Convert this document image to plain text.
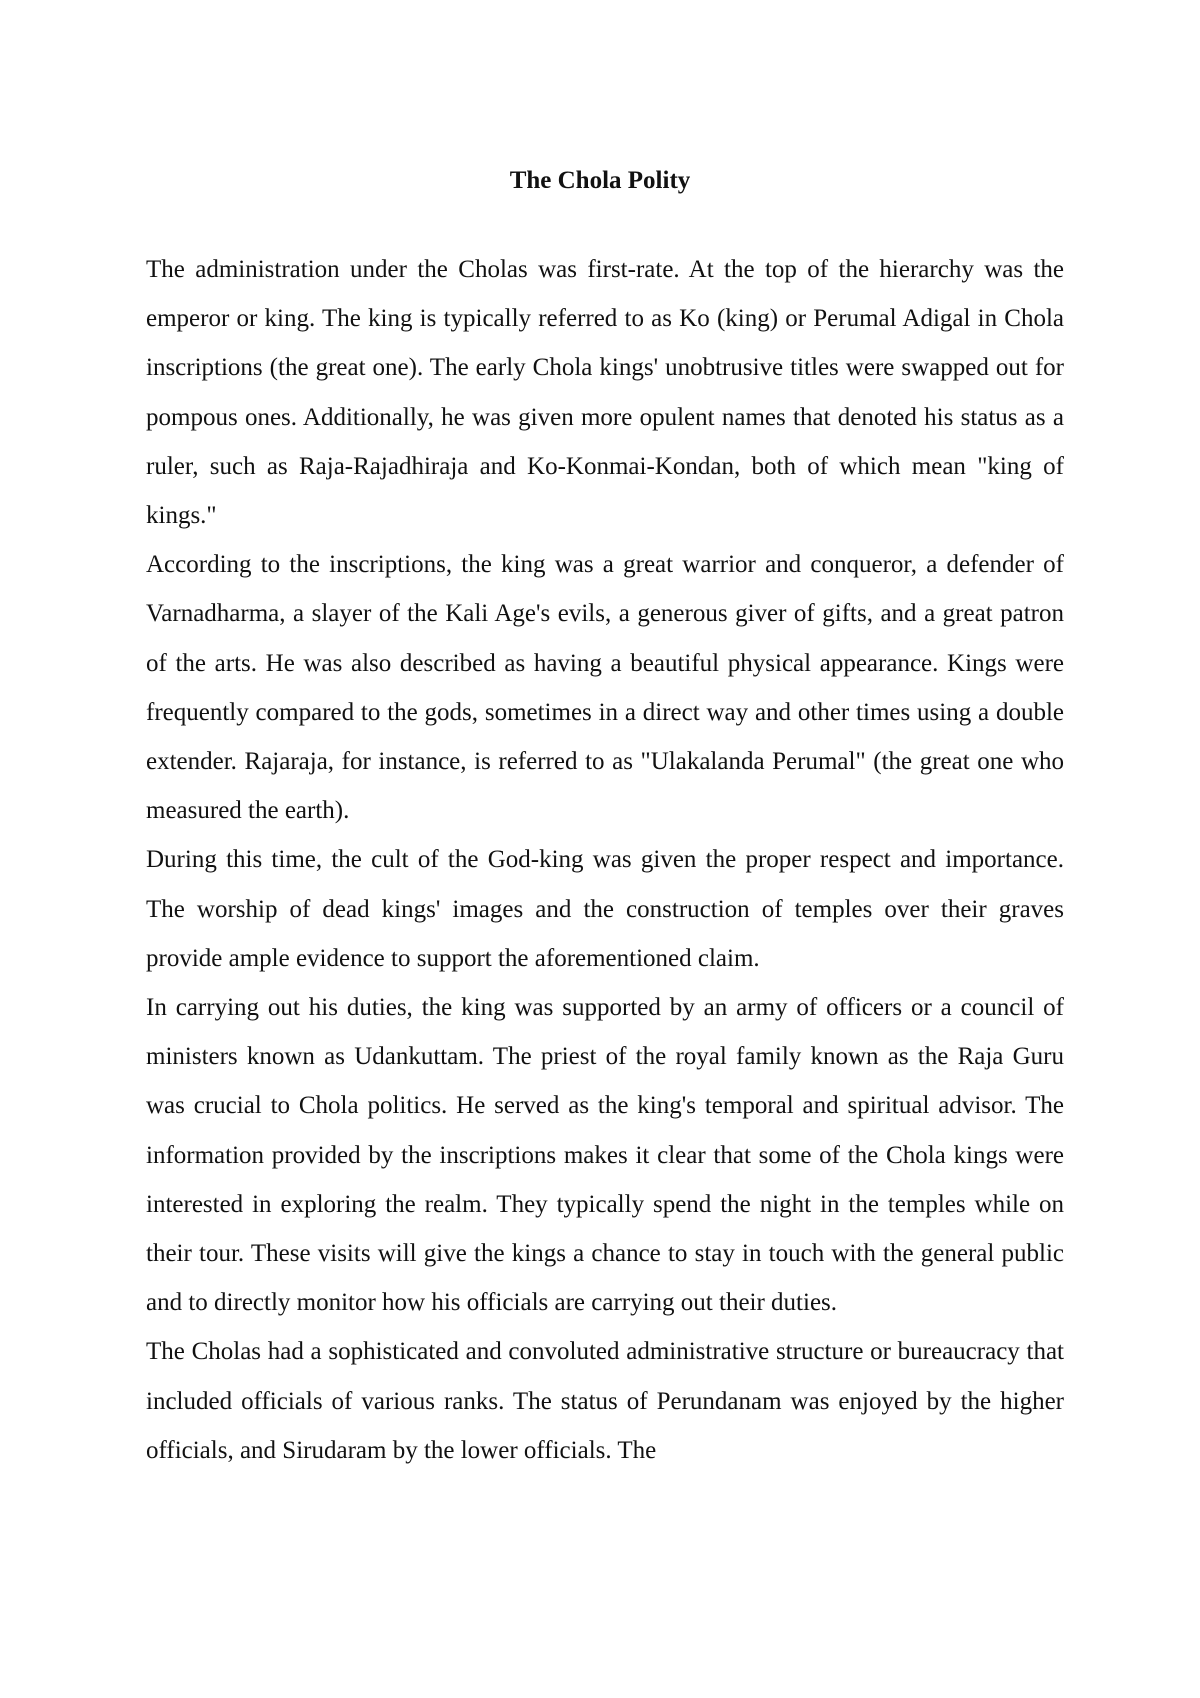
The Chola Polity

The administration under the Cholas was first-rate. At the top of the hierarchy was the emperor or king. The king is typically referred to as Ko (king) or Perumal Adigal in Chola inscriptions (the great one). The early Chola kings' unobtrusive titles were swapped out for pompous ones. Additionally, he was given more opulent names that denoted his status as a ruler, such as Raja-Rajadhiraja and Ko-Konmai-Kondan, both of which mean "king of kings."

According to the inscriptions, the king was a great warrior and conqueror, a defender of Varnadharma, a slayer of the Kali Age's evils, a generous giver of gifts, and a great patron of the arts. He was also described as having a beautiful physical appearance. Kings were frequently compared to the gods, sometimes in a direct way and other times using a double extender. Rajaraja, for instance, is referred to as "Ulakalanda Perumal" (the great one who measured the earth).

During this time, the cult of the God-king was given the proper respect and importance. The worship of dead kings' images and the construction of temples over their graves provide ample evidence to support the aforementioned claim.

In carrying out his duties, the king was supported by an army of officers or a council of ministers known as Udankuttam. The priest of the royal family known as the Raja Guru was crucial to Chola politics. He served as the king's temporal and spiritual advisor. The information provided by the inscriptions makes it clear that some of the Chola kings were interested in exploring the realm. They typically spend the night in the temples while on their tour. These visits will give the kings a chance to stay in touch with the general public and to directly monitor how his officials are carrying out their duties.

The Cholas had a sophisticated and convoluted administrative structure or bureaucracy that included officials of various ranks. The status of Perundanam was enjoyed by the higher officials, and Sirudaram by the lower officials. The
